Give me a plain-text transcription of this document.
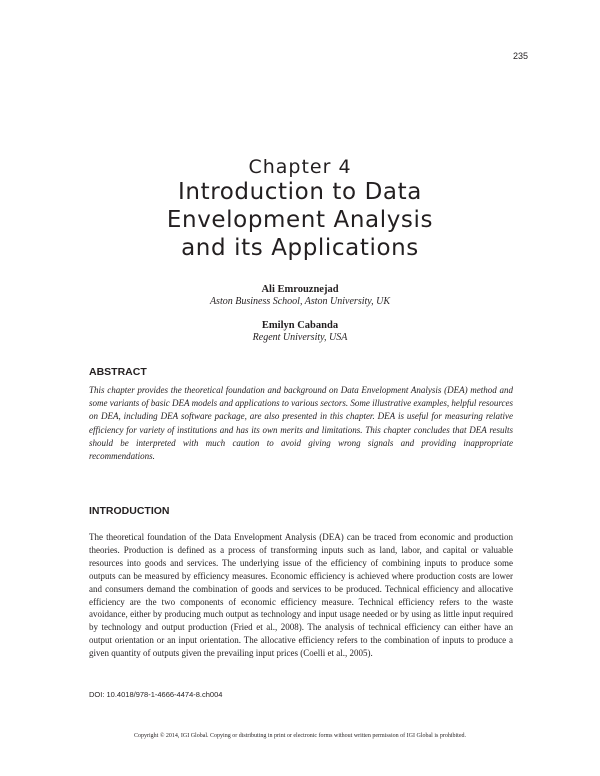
235
Chapter 4
Introduction to Data
Envelopment Analysis
and its Applications
Ali Emrouznejad
Aston Business School, Aston University, UK
Emilyn Cabanda
Regent University, USA
ABSTRACT

This chapter provides the theoretical foundation and background on Data Envelopment Analysis (DEA) method and some variants of basic DEA models and applications to various sectors. Some illustrative examples, helpful resources on DEA, including DEA software package, are also presented in this chapter. DEA is useful for measuring relative efficiency for variety of institutions and has its own merits and limitations. This chapter concludes that DEA results should be interpreted with much caution to avoid giving wrong signals and providing inappropriate recommendations.

INTRODUCTION

The theoretical foundation of the Data Envelopment Analysis (DEA) can be traced from economic and production theories. Production is defined as a process of transforming inputs such as land, labor, and capital or valuable resources into goods and services. The underlying issue of the efficiency of combining inputs to produce some outputs can be measured by efficiency measures. Economic efficiency is achieved where production costs are lower and consumers demand the combination of goods and services to be produced. Technical efficiency and allocative efficiency are the two components of economic efficiency measure. Technical efficiency refers to the waste avoidance, either by producing much output as technology and input usage needed or by using as little input required by technology and output production (Fried et al., 2008). The analysis of technical efficiency can either have an output orientation or an input orientation. The allocative efficiency refers to the combination of inputs to produce a given quantity of outputs given the prevailing input prices (Coelli et al., 2005).

DOI: 10.4018/978-1-4666-4474-8.ch004
Copyright © 2014, IGI Global. Copying or distributing in print or electronic forms without written permission of IGI Global is prohibited.
